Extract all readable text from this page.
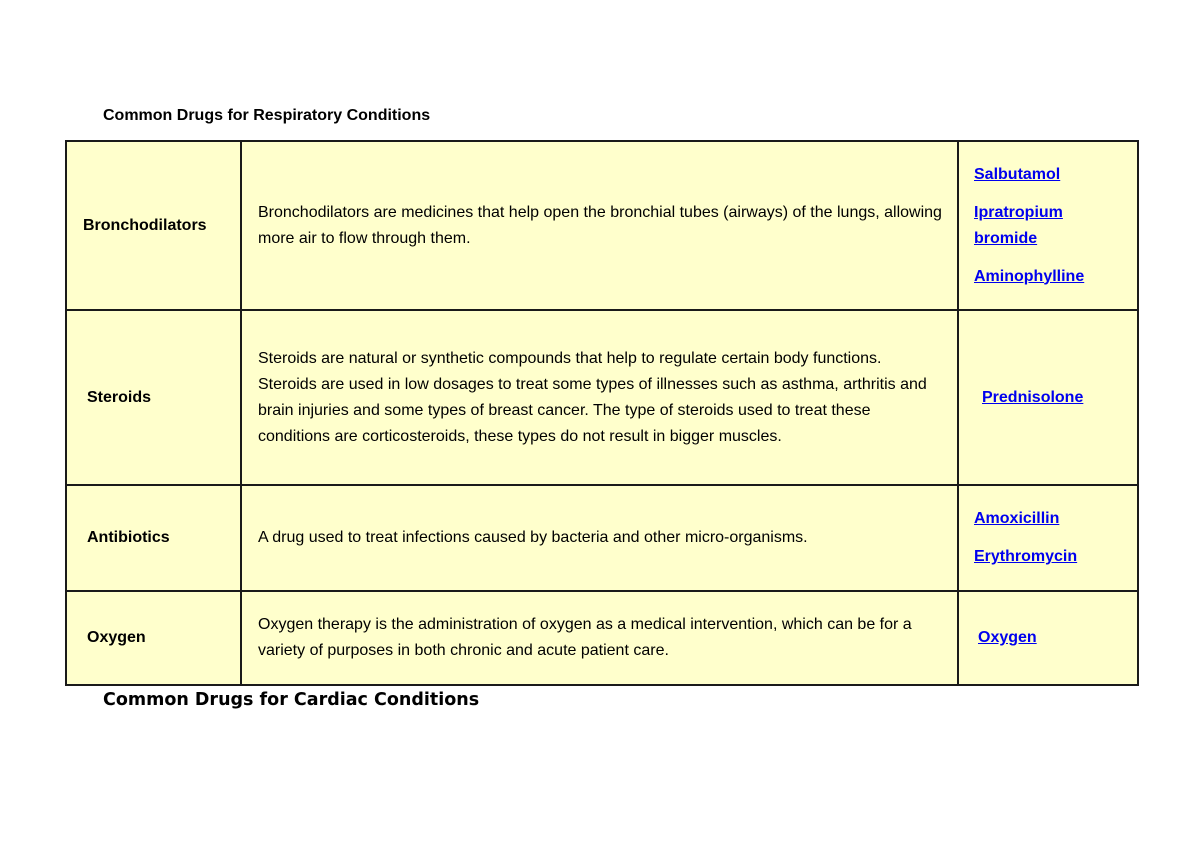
Common Drugs for Respiratory Conditions
Bronchodilators	Bronchodilators are medicines that help open the bronchial tubes (airways) of the lungs, allowing more air to flow through them.	Salbutamol
Ipratropium bromide
Aminophylline

Steroids	Steroids are natural or synthetic compounds that help to regulate certain body functions. Steroids are used in low dosages to treat some types of illnesses such as asthma, arthritis and brain injuries and some types of breast cancer. The type of steroids used to treat these conditions are corticosteroids, these types do not result in bigger muscles.	Prednisolone

Antibiotics	A drug used to treat infections caused by bacteria and other micro-organisms.	Amoxicillin
Erythromycin

Oxygen	Oxygen therapy is the administration of oxygen as a medical intervention, which can be for a variety of purposes in both chronic and acute patient care.	Oxygen
Common Drugs for Cardiac Conditions
